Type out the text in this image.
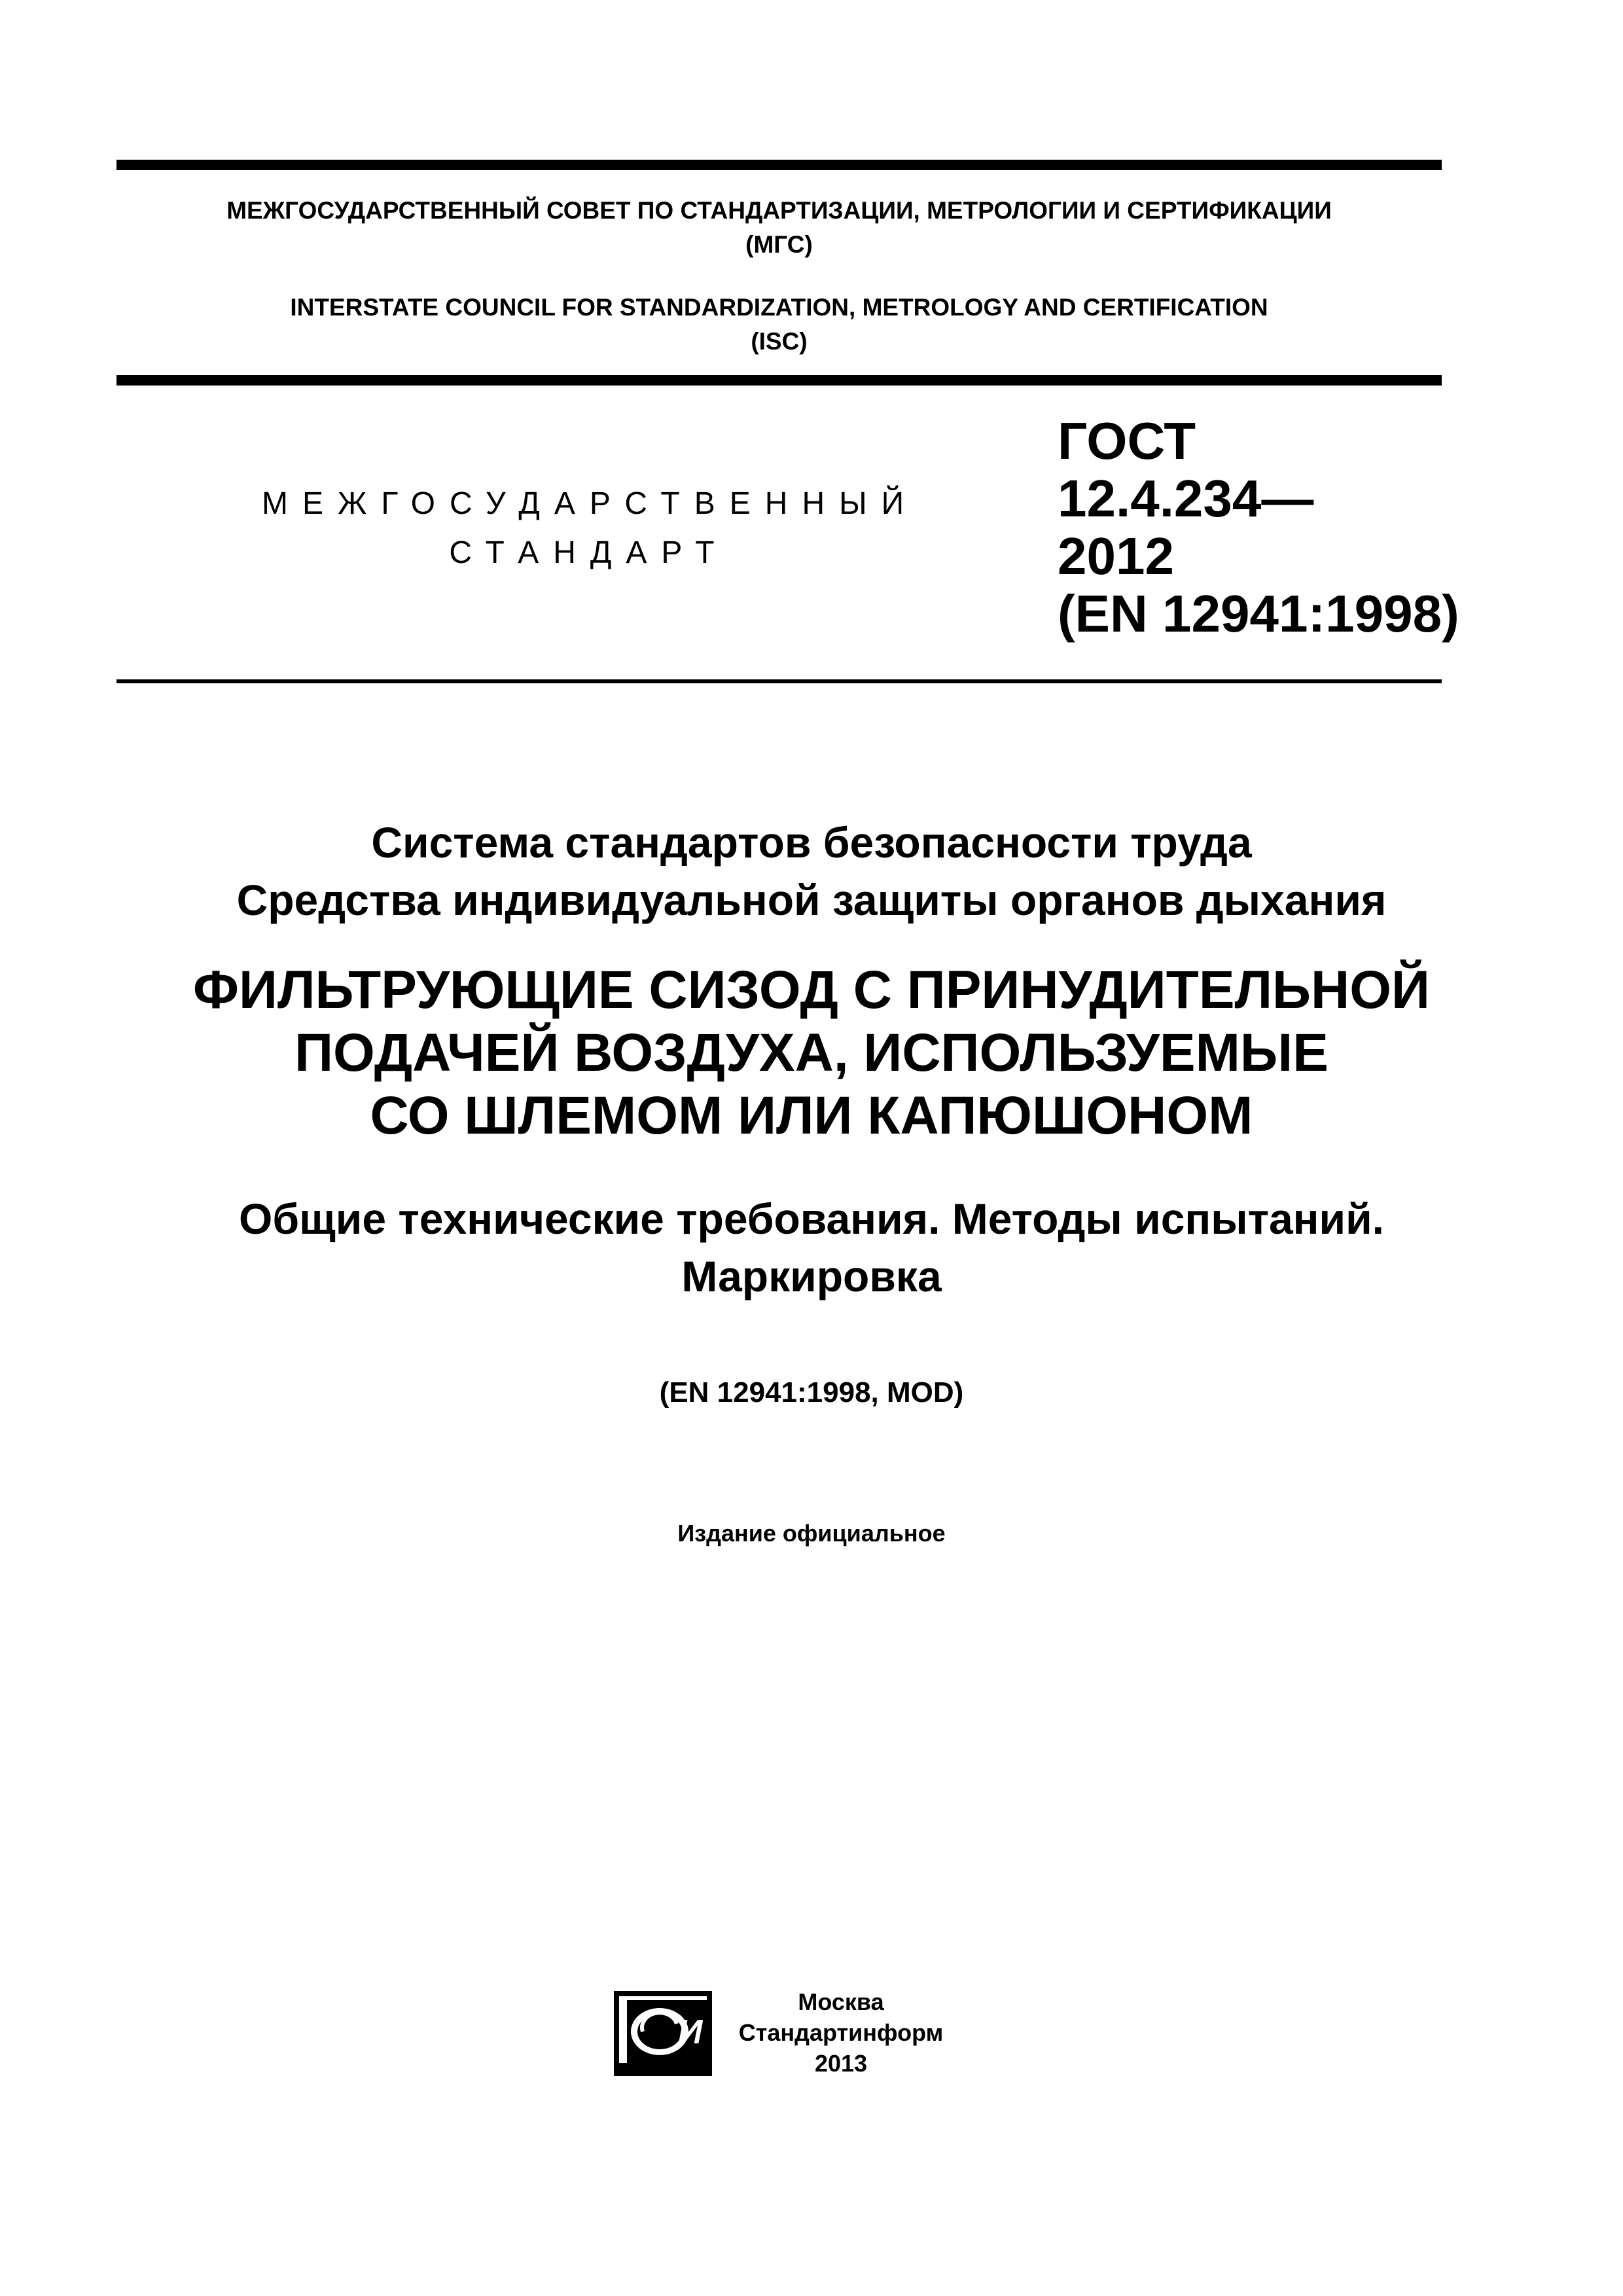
МЕЖГОСУДАРСТВЕННЫЙ СОВЕТ ПО СТАНДАРТИЗАЦИИ, МЕТРОЛОГИИ И СЕРТИФИКАЦИИ
(МГС)
INTERSTATE COUNCIL FOR STANDARDIZATION, METROLOGY AND CERTIFICATION
(ISC)
МЕЖГОСУДАРСТВЕННЫЙ
СТАНДАРТ
ГОСТ
12.4.234—
2012
(EN 12941:1998)
Система стандартов безопасности труда
Средства индивидуальной защиты органов дыхания
ФИЛЬТРУЮЩИЕ СИЗОД С ПРИНУДИТЕЛЬНОЙ
ПОДАЧЕЙ ВОЗДУХА, ИСПОЛЬЗУЕМЫЕ
СО ШЛЕМОМ ИЛИ КАПЮШОНОМ
Общие технические требования. Методы испытаний.
Маркировка
(EN 12941:1998, MOD)
Издание официальное
И
Москва
Стандартинформ
2013
